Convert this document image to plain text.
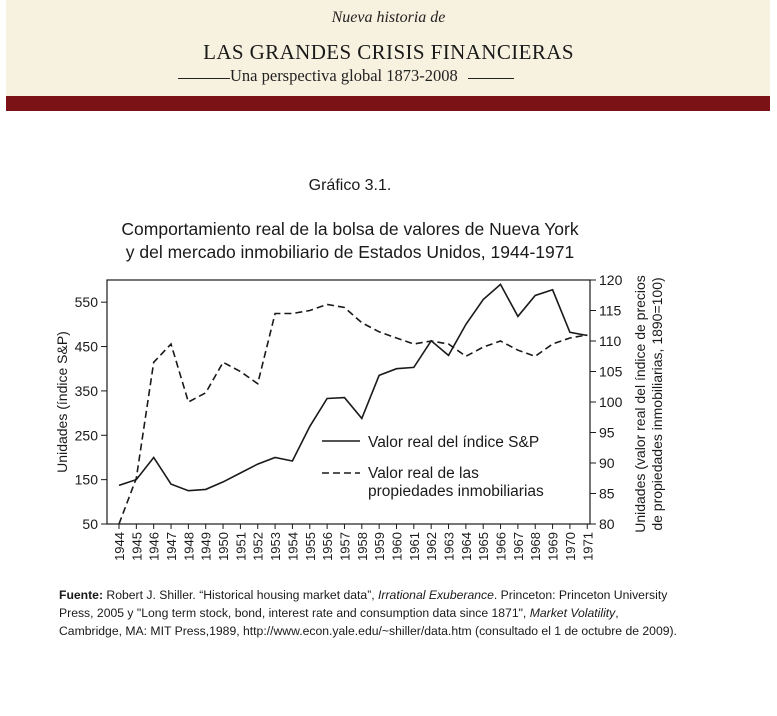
Nueva historia de
LAS GRANDES CRISIS FINANCIERAS
Una perspectiva global 1873-2008
Gráfico 3.1.
Comportamiento real de la bolsa de valores de Nueva York
y del mercado inmobiliario de Estados Unidos, 1944-1971
50
150
250
350
450
550
80
85
90
95
100
105
110
115
120
1944 1945 1946 1947 1948 1949 1950 1951 1952 1953 1954 1955 1956 1957 1958 1959 1960 1961 1962 1963 1964 1965 1966 1967 1968 1969 1970 1971
Unidades (índice S&P)	Unidades (valor real del índice de precios de propiedades inmobiliarias, 1890=100)
Valor real del índice S&P
Valor real de las
propiedades inmobiliarias
Fuente: Robert J. Shiller. “Historical housing market data”, Irrational Exuberance. Princeton: Princeton University Press, 2005 y "Long term stock, bond, interest rate and consumption data since 1871", Market Volatility, Cambridge, MA: MIT Press,1989, http://www.econ.yale.edu/~shiller/data.htm (consultado el 1 de octubre de 2009).
